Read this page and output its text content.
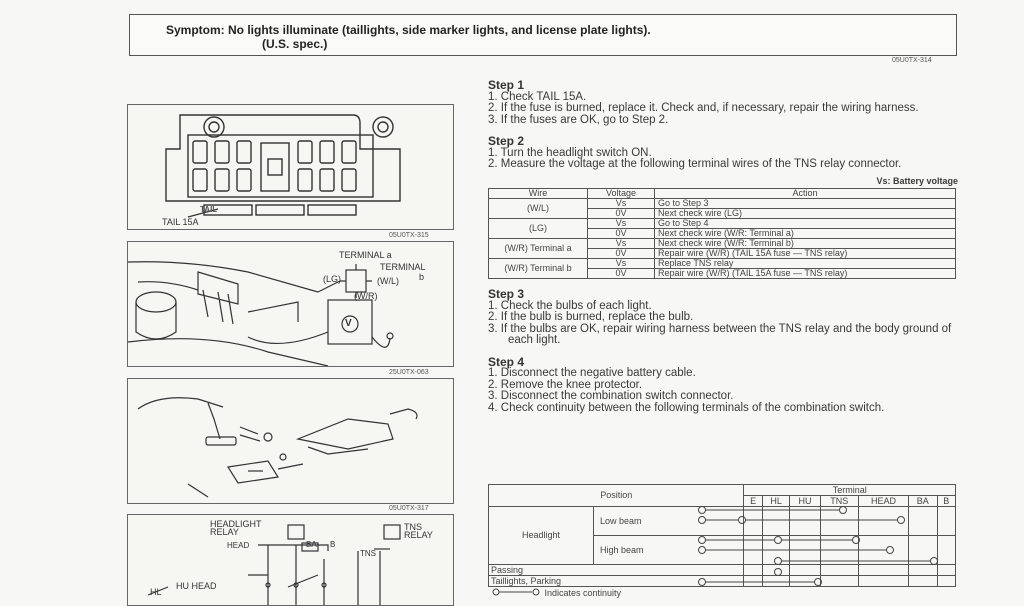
Symptom: No lights illuminate (taillights, side marker lights, and license plate lights).
(U.S. spec.)
05U0TX-314
TAIL
TAIL 15A
05U0TX-315
TERMINAL a
TERMINAL b
(LG)	(W/L)
(W/R)
V
25U0TX-063
05U0TX-317
HEADLIGHT RELAY	TNS RELAY
HEAD	BA B
TNS
HU HEAD
HL
Step 1
1. Check TAIL 15A.
2. If the fuse is burned, replace it. Check and, if necessary, repair the wiring harness.
3. If the fuses are OK, go to Step 2.
Step 2
1. Turn the headlight switch ON.
2. Measure the voltage at the following terminal wires of the TNS relay connector.
Vs: Battery voltage
Wire	Voltage	Action
(W/L)	Vs	Go to Step 3
	0V	Next check wire (LG)
(LG)	Vs	Go to Step 4
	0V	Next check wire (W/R: Terminal a)
(W/R) Terminal a	Vs	Next check wire (W/R: Terminal b)
	0V	Repair wire (W/R) (TAIL 15A fuse — TNS relay)
(W/R) Terminal b	Vs	Replace TNS relay
	0V	Repair wire (W/R) (TAIL 15A fuse — TNS relay)
Step 3
1. Check the bulbs of each light.
2. If the bulb is burned, replace the bulb.
3. If the bulbs are OK, repair wiring harness between the TNS relay and the body ground of each light.
Step 4
1. Disconnect the negative battery cable.
2. Remove the knee protector.
3. Disconnect the combination switch connector.
4. Check continuity between the following terminals of the combination switch.
Position		Terminal						
		E	HL	HU	TNS	HEAD	BA	B
Headlight	Low beam							
	High beam							
Passing								
Taillights, Parking								
Indicates continuity
